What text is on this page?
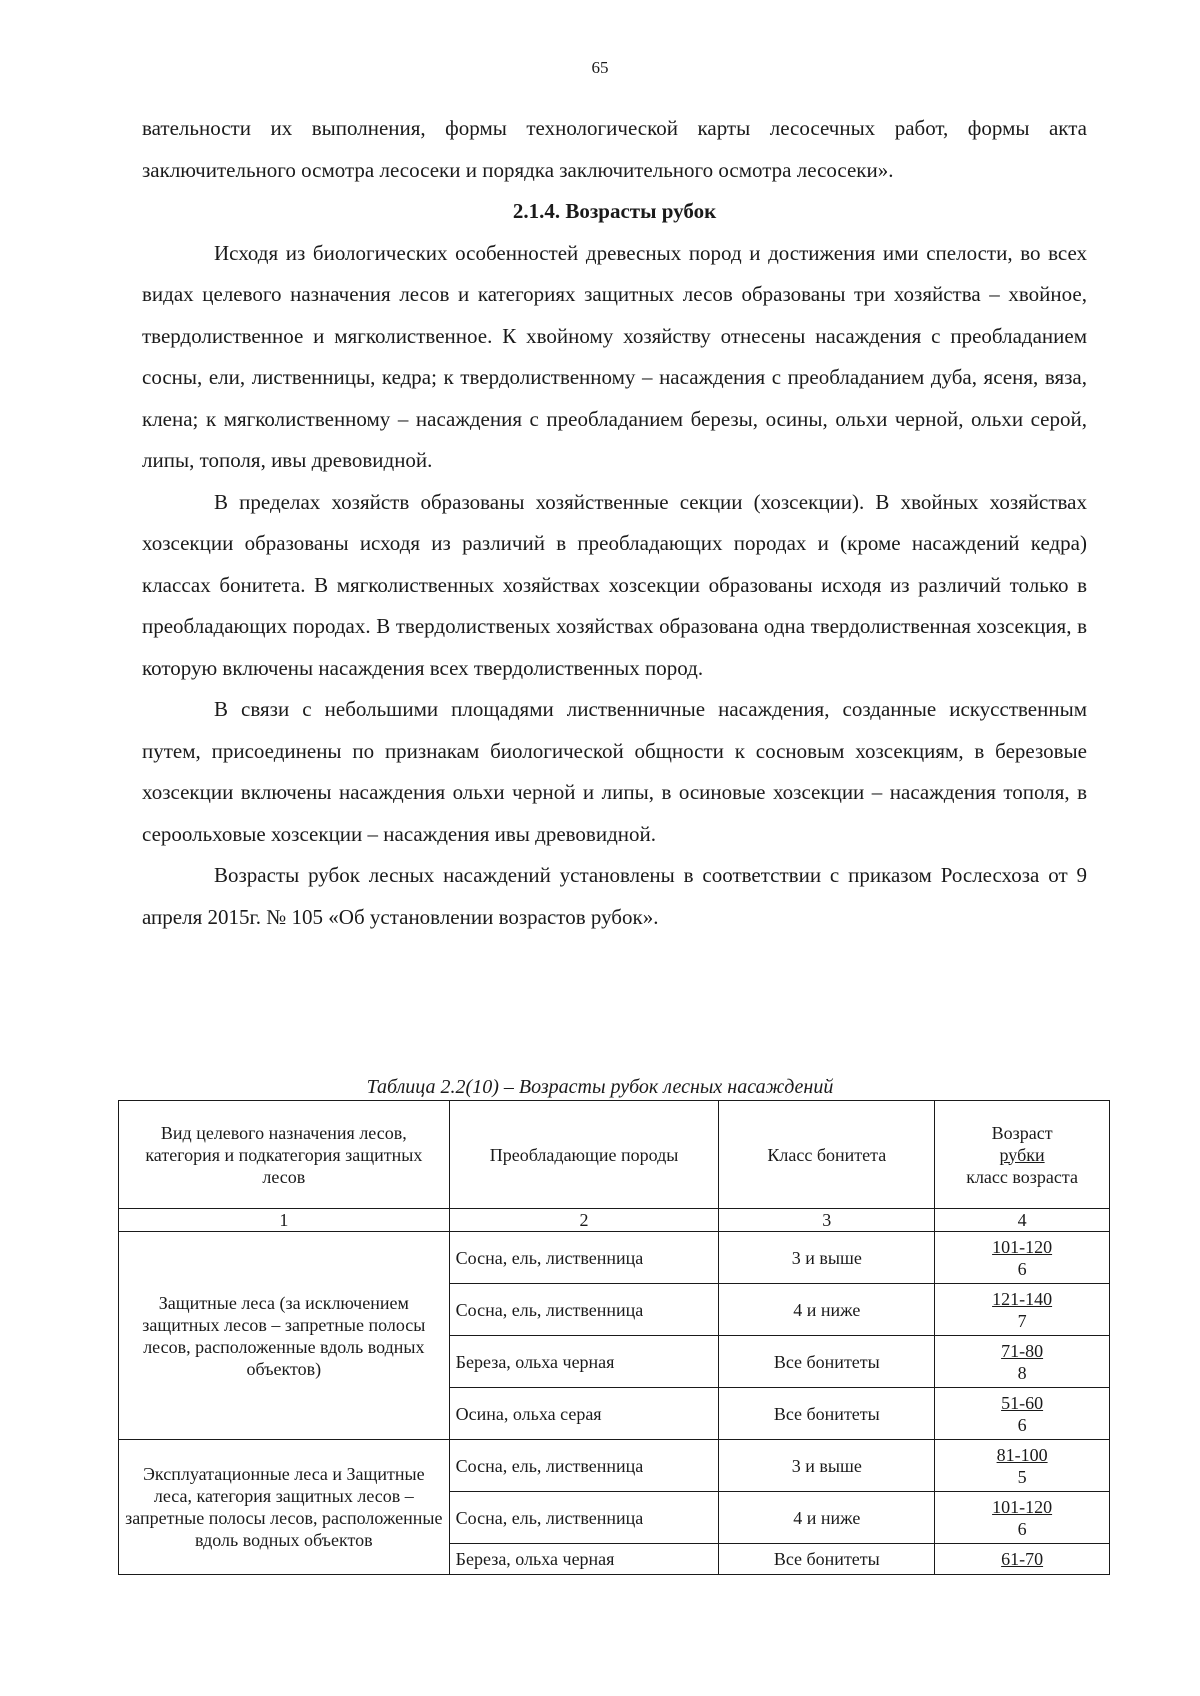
65

вательности их выполнения, формы технологической карты лесосечных работ, формы акта заключительного осмотра лесосеки и порядка заключительного осмотра лесосеки».

2.1.4. Возрасты рубок

Исходя из биологических особенностей древесных пород и достижения ими спелости, во всех видах целевого назначения лесов и категориях защитных лесов образованы три хозяйства – хвойное, твердолиственное и мягколиственное. К хвойному хозяйству отнесены насаждения с преобладанием сосны, ели, лиственницы, кедра; к твердолиственному – насаждения с преобладанием дуба, ясеня, вяза, клена; к мягколиственному – насаждения с преобладанием березы, осины, ольхи черной, ольхи серой, липы, тополя, ивы древовидной.

В пределах хозяйств образованы хозяйственные секции (хозсекции). В хвойных хозяйствах хозсекции образованы исходя из различий в преобладающих породах и (кроме насаждений кедра) классах бонитета. В мягколиственных хозяйствах хозсекции образованы исходя из различий только в преобладающих породах. В твердолиственых хозяйствах образована одна твердолиственная хозсекция, в которую включены насаждения всех твердолиственных пород.

В связи с небольшими площадями лиственничные насаждения, созданные искусственным путем, присоединены по признакам биологической общности к сосновым хозсекциям, в березовые хозсекции включены насаждения ольхи черной и липы, в осиновые хозсекции – насаждения тополя, в сероольховые хозсекции – насаждения ивы древовидной.

Возрасты рубок лесных насаждений установлены в соответствии с приказом Рослесхоза от 9 апреля 2015г. № 105 «Об установлении возрастов рубок».

Таблица 2.2(10) – Возрасты рубок лесных насаждений
Вид целевого назначения лесов, категория и подкатегория защитных лесов	Преобладающие породы	Класс бонитета	Возраст
рубки
класс возраста

1	2	3	4
Защитные леса (за исключением защитных лесов – запретные полосы лесов, расположенные вдоль водных объектов)	Сосна, ель, лиственница	3 и выше	$\frac{101-120}{6}$

	Сосна, ель, лиственница	4 и ниже	$\frac{121-140}{7}$

	Береза, ольха черная	Все бонитеты	$\frac{71-80}{8}$

	Осина, ольха серая	Все бонитеты	$\frac{51-60}{6}$

Эксплуатационные леса и Защитные леса, категория защитных лесов – запретные полосы лесов, расположенные вдоль водных объектов	Сосна, ель, лиственница	3 и выше	$\frac{81-100}{5}$

	Сосна, ель, лиственница	4 и ниже	$\frac{101-120}{6}$

	Береза, ольха черная	Все бонитеты	61-70
